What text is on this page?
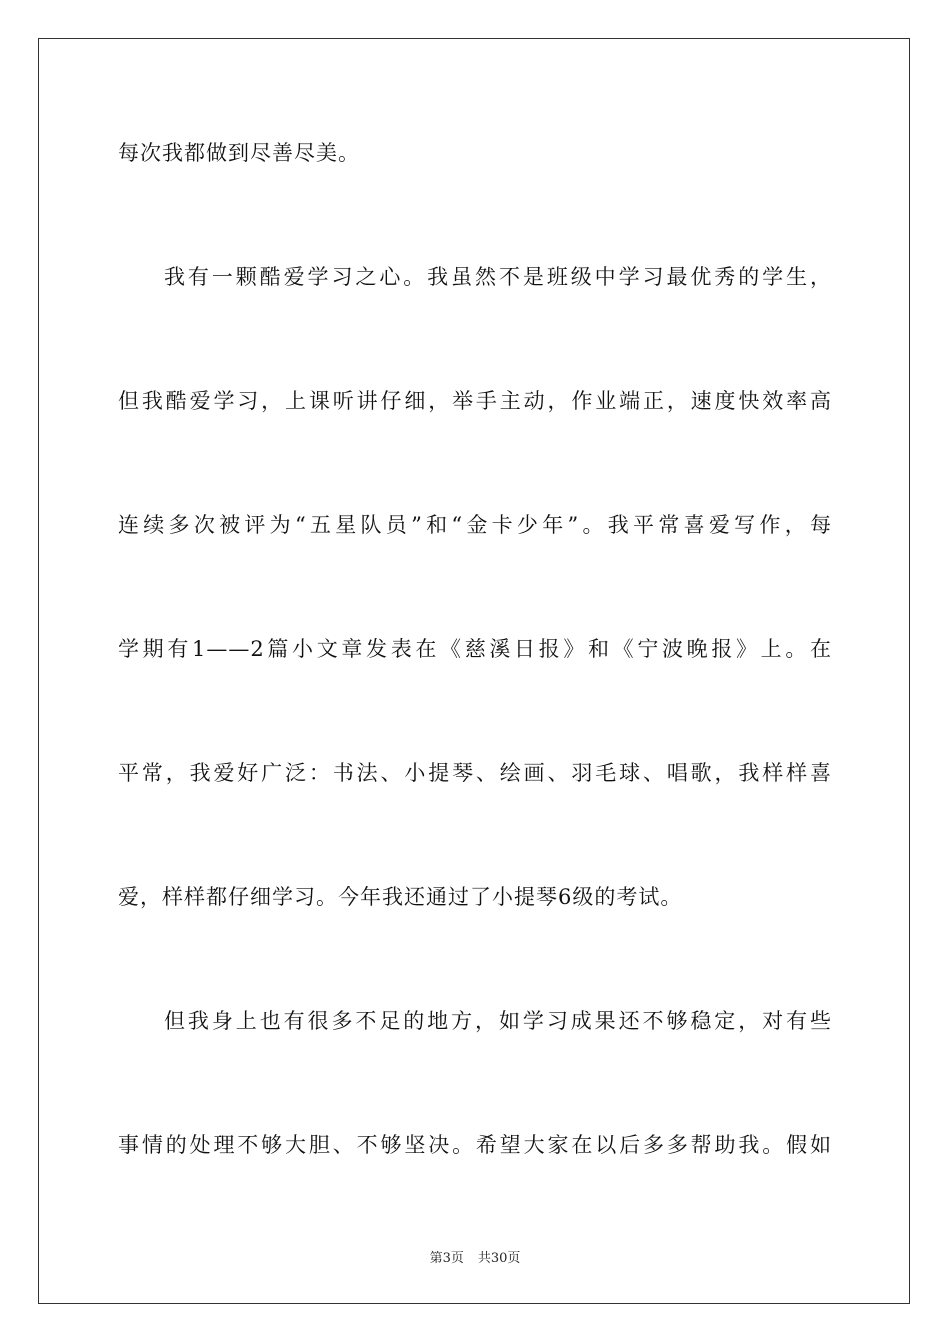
每次我都做到尽善尽美。
我有一颗酷爱学习之心。我虽然不是班级中学习最优秀的学生，
但我酷爱学习，上课听讲仔细，举手主动，作业端正，速度快效率高
连续多次被评为“五星队员”和“金卡少年”。我平常喜爱写作，每
学期有1——2篇小文章发表在《慈溪日报》和《宁波晚报》上。在
平常，我爱好广泛：书法、小提琴、绘画、羽毛球、唱歌，我样样喜
爱，样样都仔细学习。今年我还通过了小提琴6级的考试。
但我身上也有很多不足的地方，如学习成果还不够稳定，对有些
事情的处理不够大胆、不够坚决。希望大家在以后多多帮助我。假如
第3页 共30页
